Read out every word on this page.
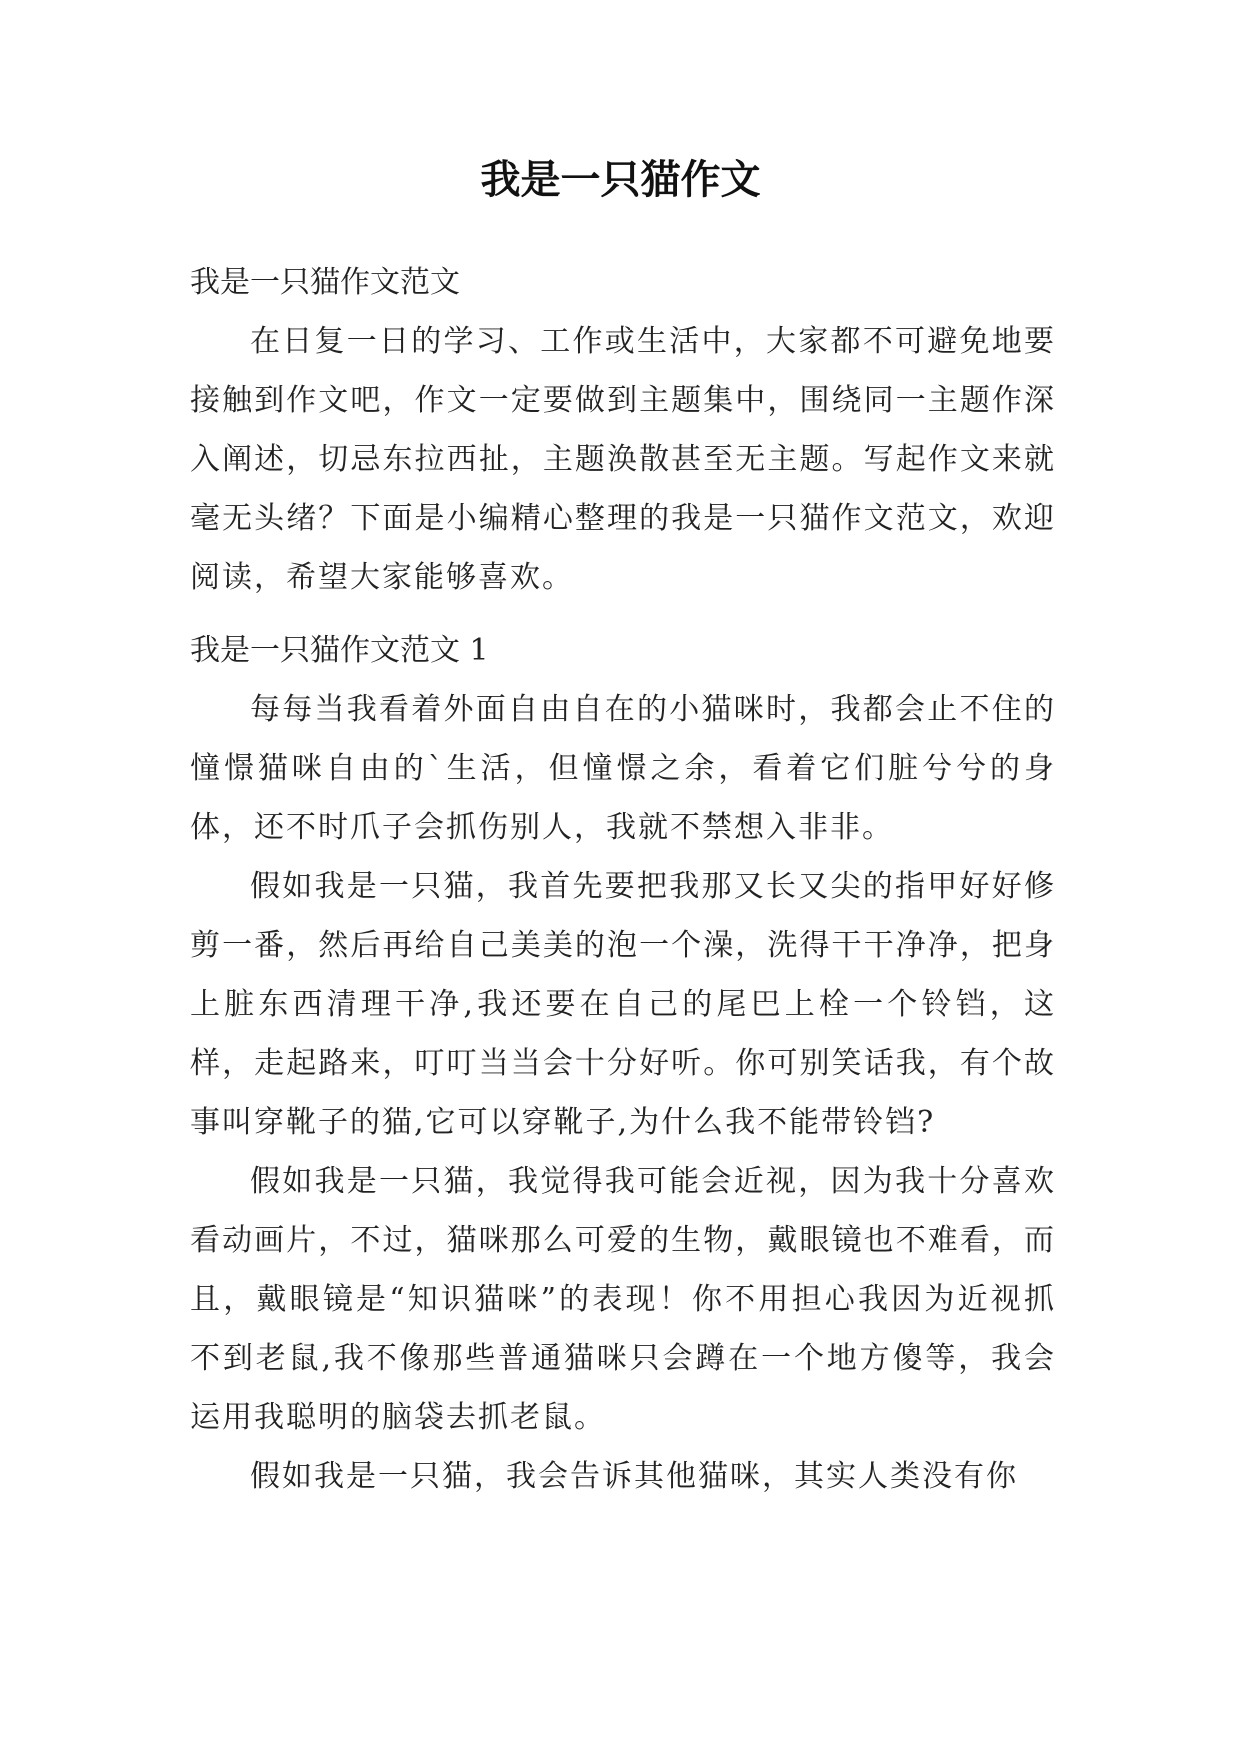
我是一只猫作文

我是一只猫作文范文

在日复一日的学习、工作或生活中，大家都不可避免地要接触到作文吧，作文一定要做到主题集中，围绕同一主题作深入阐述，切忌东拉西扯，主题涣散甚至无主题。写起作文来就毫无头绪？下面是小编精心整理的我是一只猫作文范文，欢迎阅读，希望大家能够喜欢。

我是一只猫作文范文 1

每每当我看着外面自由自在的小猫咪时，我都会止不住的憧憬猫咪自由的`生活，但憧憬之余，看着它们脏兮兮的身体，还不时爪子会抓伤别人，我就不禁想入非非。

假如我是一只猫，我首先要把我那又长又尖的指甲好好修剪一番，然后再给自己美美的泡一个澡，洗得干干净净，把身上脏东西清理干净,我还要在自己的尾巴上栓一个铃铛，这样，走起路来，叮叮当当会十分好听。你可别笑话我，有个故事叫穿靴子的猫,它可以穿靴子,为什么我不能带铃铛?

假如我是一只猫，我觉得我可能会近视，因为我十分喜欢看动画片，不过，猫咪那么可爱的生物，戴眼镜也不难看，而且，戴眼镜是“知识猫咪”的表现！你不用担心我因为近视抓不到老鼠,我不像那些普通猫咪只会蹲在一个地方傻等，我会运用我聪明的脑袋去抓老鼠。

假如我是一只猫，我会告诉其他猫咪，其实人类没有你
